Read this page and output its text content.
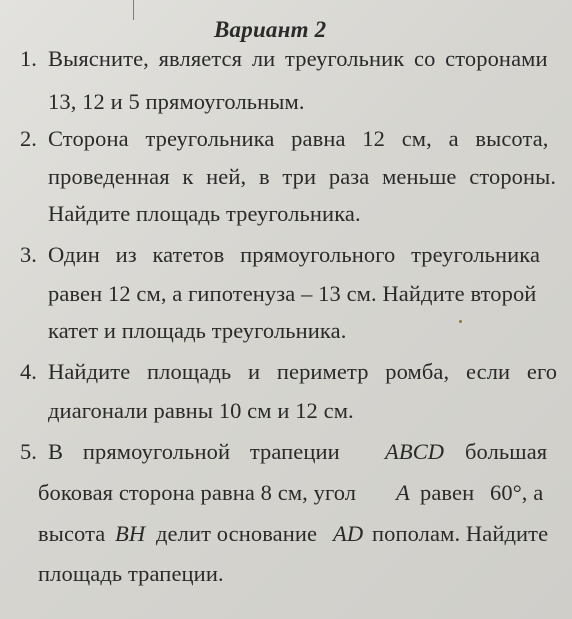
Вариант 2
1. Выясните, является ли треугольник со сторонами
13, 12 и 5 прямоугольным.
2. Сторона треугольника равна 12 см, а высота,
проведенная к ней, в три раза меньше стороны.
Найдите площадь треугольника.
3. Один из катетов прямоугольного треугольника
равен 12 см, а гипотенуза – 13 см. Найдите второй
катет и площадь треугольника.
4. Найдите площадь и периметр ромба, если его
диагонали равны 10 см и 12 см.
5. В прямоугольной трапеции ABCD большая
боковая сторона равна 8 см, угол A равен 60°, а
высота BH делит основание AD пополам. Найдите
площадь трапеции.
